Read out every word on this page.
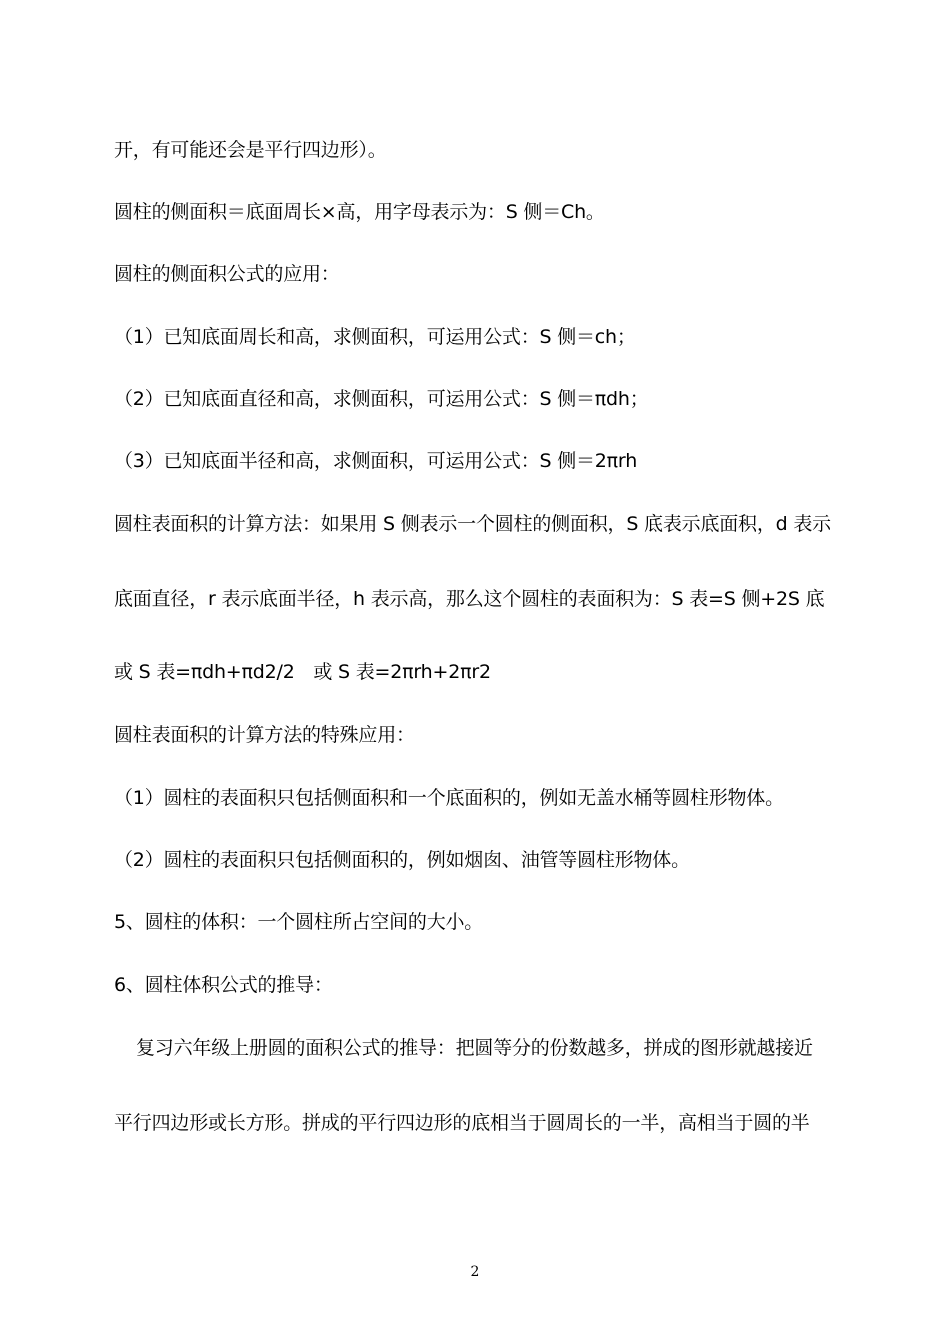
开，有可能还会是平行四边形）。
圆柱的侧面积＝底面周长×高，用字母表示为：S 侧＝Ch。
圆柱的侧面积公式的应用：
（1）已知底面周长和高，求侧面积，可运用公式：S 侧＝ch；
（2）已知底面直径和高，求侧面积，可运用公式：S 侧＝πdh；
（3）已知底面半径和高，求侧面积，可运用公式：S 侧＝2πrh
圆柱表面积的计算方法：如果用 S 侧表示一个圆柱的侧面积，S 底表示底面积，d 表示
底面直径，r 表示底面半径，h 表示高，那么这个圆柱的表面积为：S 表=S 侧+2S 底
或 S 表=πdh+πd2/2　或 S 表=2πrh+2πr2
圆柱表面积的计算方法的特殊应用：
（1）圆柱的表面积只包括侧面积和一个底面积的，例如无盖水桶等圆柱形物体。
（2）圆柱的表面积只包括侧面积的，例如烟囱、油管等圆柱形物体。
5、圆柱的体积：一个圆柱所占空间的大小。
6、圆柱体积公式的推导：
复习六年级上册圆的面积公式的推导：把圆等分的份数越多，拼成的图形就越接近
平行四边形或长方形。拼成的平行四边形的底相当于圆周长的一半，高相当于圆的半
2
